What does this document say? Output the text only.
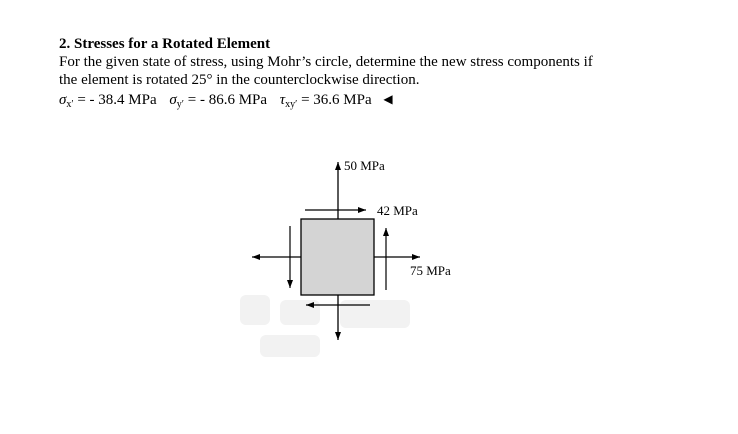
2. Stresses for a Rotated Element

For the given state of stress, using Mohr’s circle, determine the new stress components if

the element is rotated 25° in the counterclockwise direction.

$\sigma_{x'}$ = - 38.4 MPa $\sigma_{y'}$ = - 86.6 MPa $\tau_{xy'} = 36.6$ MPa ◀

50 MPa
42 MPa
75 MPa
